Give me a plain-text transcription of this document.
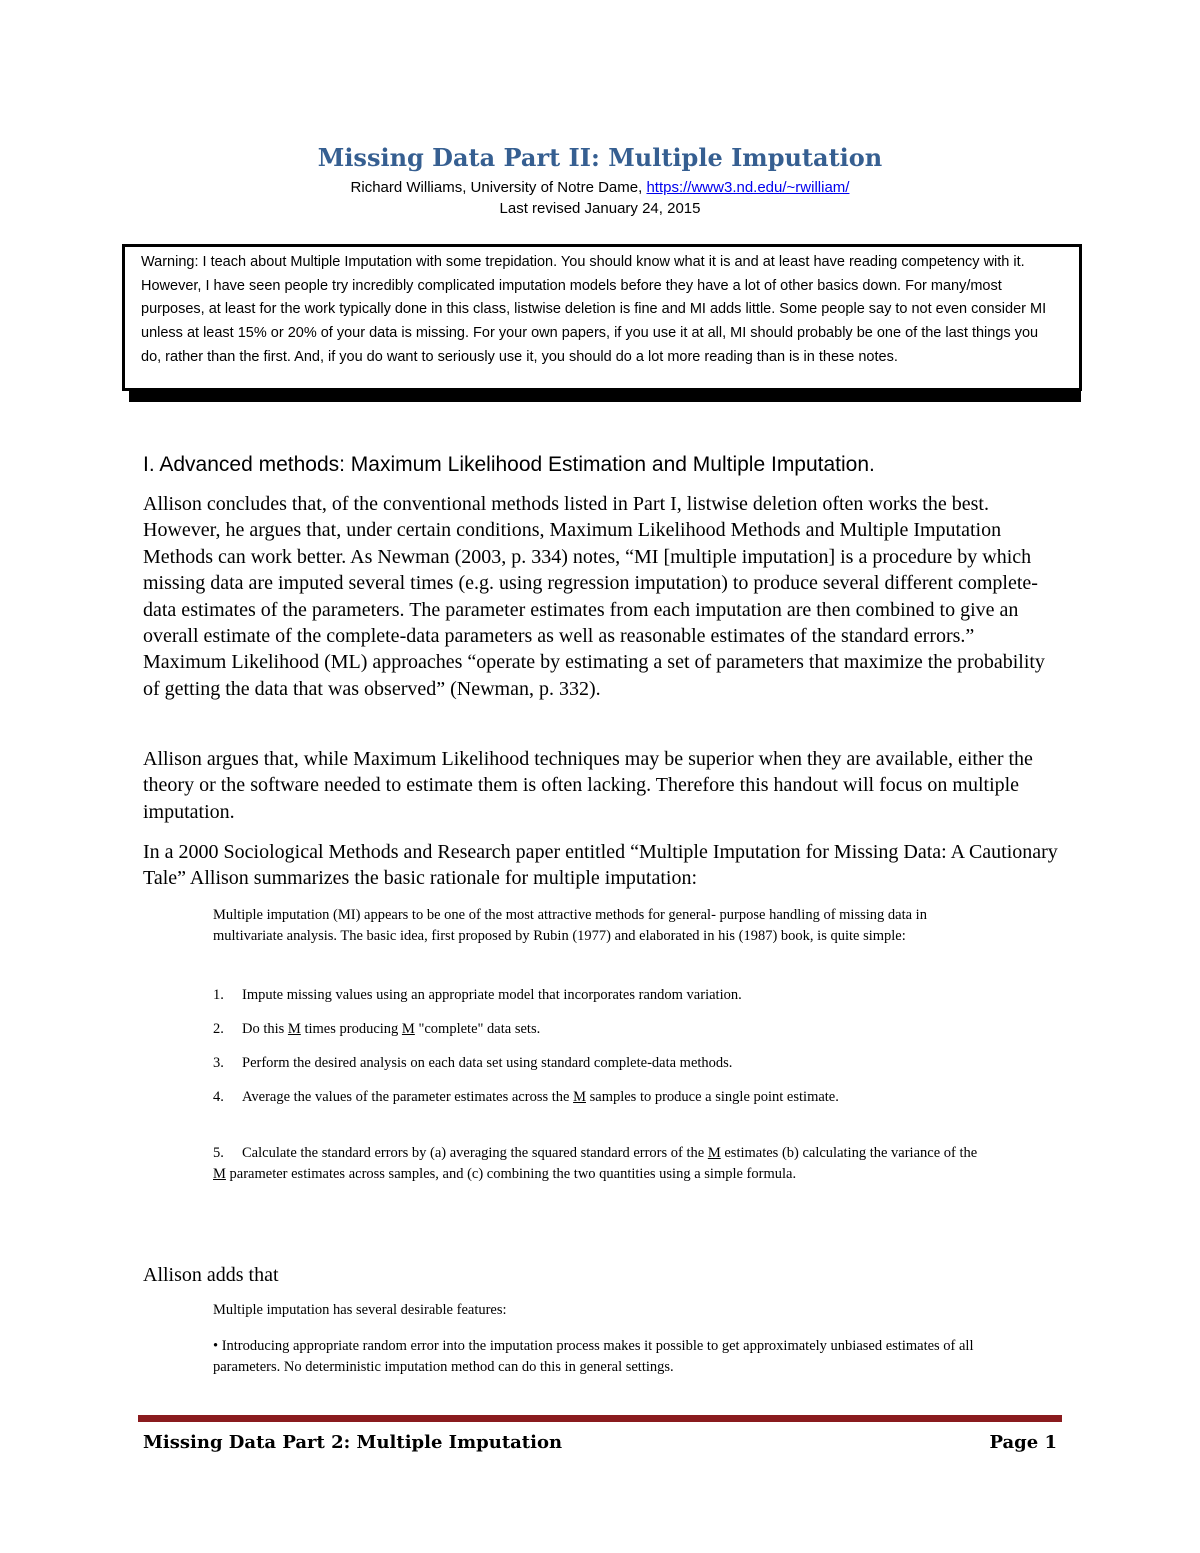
Missing Data Part II: Multiple Imputation
Richard Williams, University of Notre Dame, https://www3.nd.edu/~rwilliam/
Last revised January 24, 2015

Warning: I teach about Multiple Imputation with some trepidation. You should know what it is and at least have reading competency with it. However, I have seen people try incredibly complicated imputation models before they have a lot of other basics down. For many/most purposes, at least for the work typically done in this class, listwise deletion is fine and MI adds little. Some people say to not even consider MI unless at least 15% or 20% of your data is missing. For your own papers, if you use it at all, MI should probably be one of the last things you do, rather than the first. And, if you do want to seriously use it, you should do a lot more reading than is in these notes.

I. Advanced methods: Maximum Likelihood Estimation and Multiple Imputation.

Allison concludes that, of the conventional methods listed in Part I, listwise deletion often works the best. However, he argues that, under certain conditions, Maximum Likelihood Methods and Multiple Imputation Methods can work better. As Newman (2003, p. 334) notes, “MI [multiple imputation] is a procedure by which missing data are imputed several times (e.g. using regression imputation) to produce several different complete-data estimates of the parameters. The parameter estimates from each imputation are then combined to give an overall estimate of the complete-data parameters as well as reasonable estimates of the standard errors.” Maximum Likelihood (ML) approaches “operate by estimating a set of parameters that maximize the probability of getting the data that was observed” (Newman, p. 332).

Allison argues that, while Maximum Likelihood techniques may be superior when they are available, either the theory or the software needed to estimate them is often lacking. Therefore this handout will focus on multiple imputation.

In a 2000 Sociological Methods and Research paper entitled “Multiple Imputation for Missing Data: A Cautionary Tale” Allison summarizes the basic rationale for multiple imputation:

Multiple imputation (MI) appears to be one of the most attractive methods for general- purpose handling of missing data in multivariate analysis. The basic idea, first proposed by Rubin (1977) and elaborated in his (1987) book, is quite simple:

1. Impute missing values using an appropriate model that incorporates random variation.
2. Do this M times producing M "complete" data sets.
3. Perform the desired analysis on each data set using standard complete-data methods.
4. Average the values of the parameter estimates across the M samples to produce a single point estimate.
5. Calculate the standard errors by (a) averaging the squared standard errors of the M estimates (b) calculating the variance of the M parameter estimates across samples, and (c) combining the two quantities using a simple formula.

Allison adds that

Multiple imputation has several desirable features:

• Introducing appropriate random error into the imputation process makes it possible to get approximately unbiased estimates of all parameters. No deterministic imputation method can do this in general settings.
Missing Data Part 2: Multiple Imputation	Page 1
